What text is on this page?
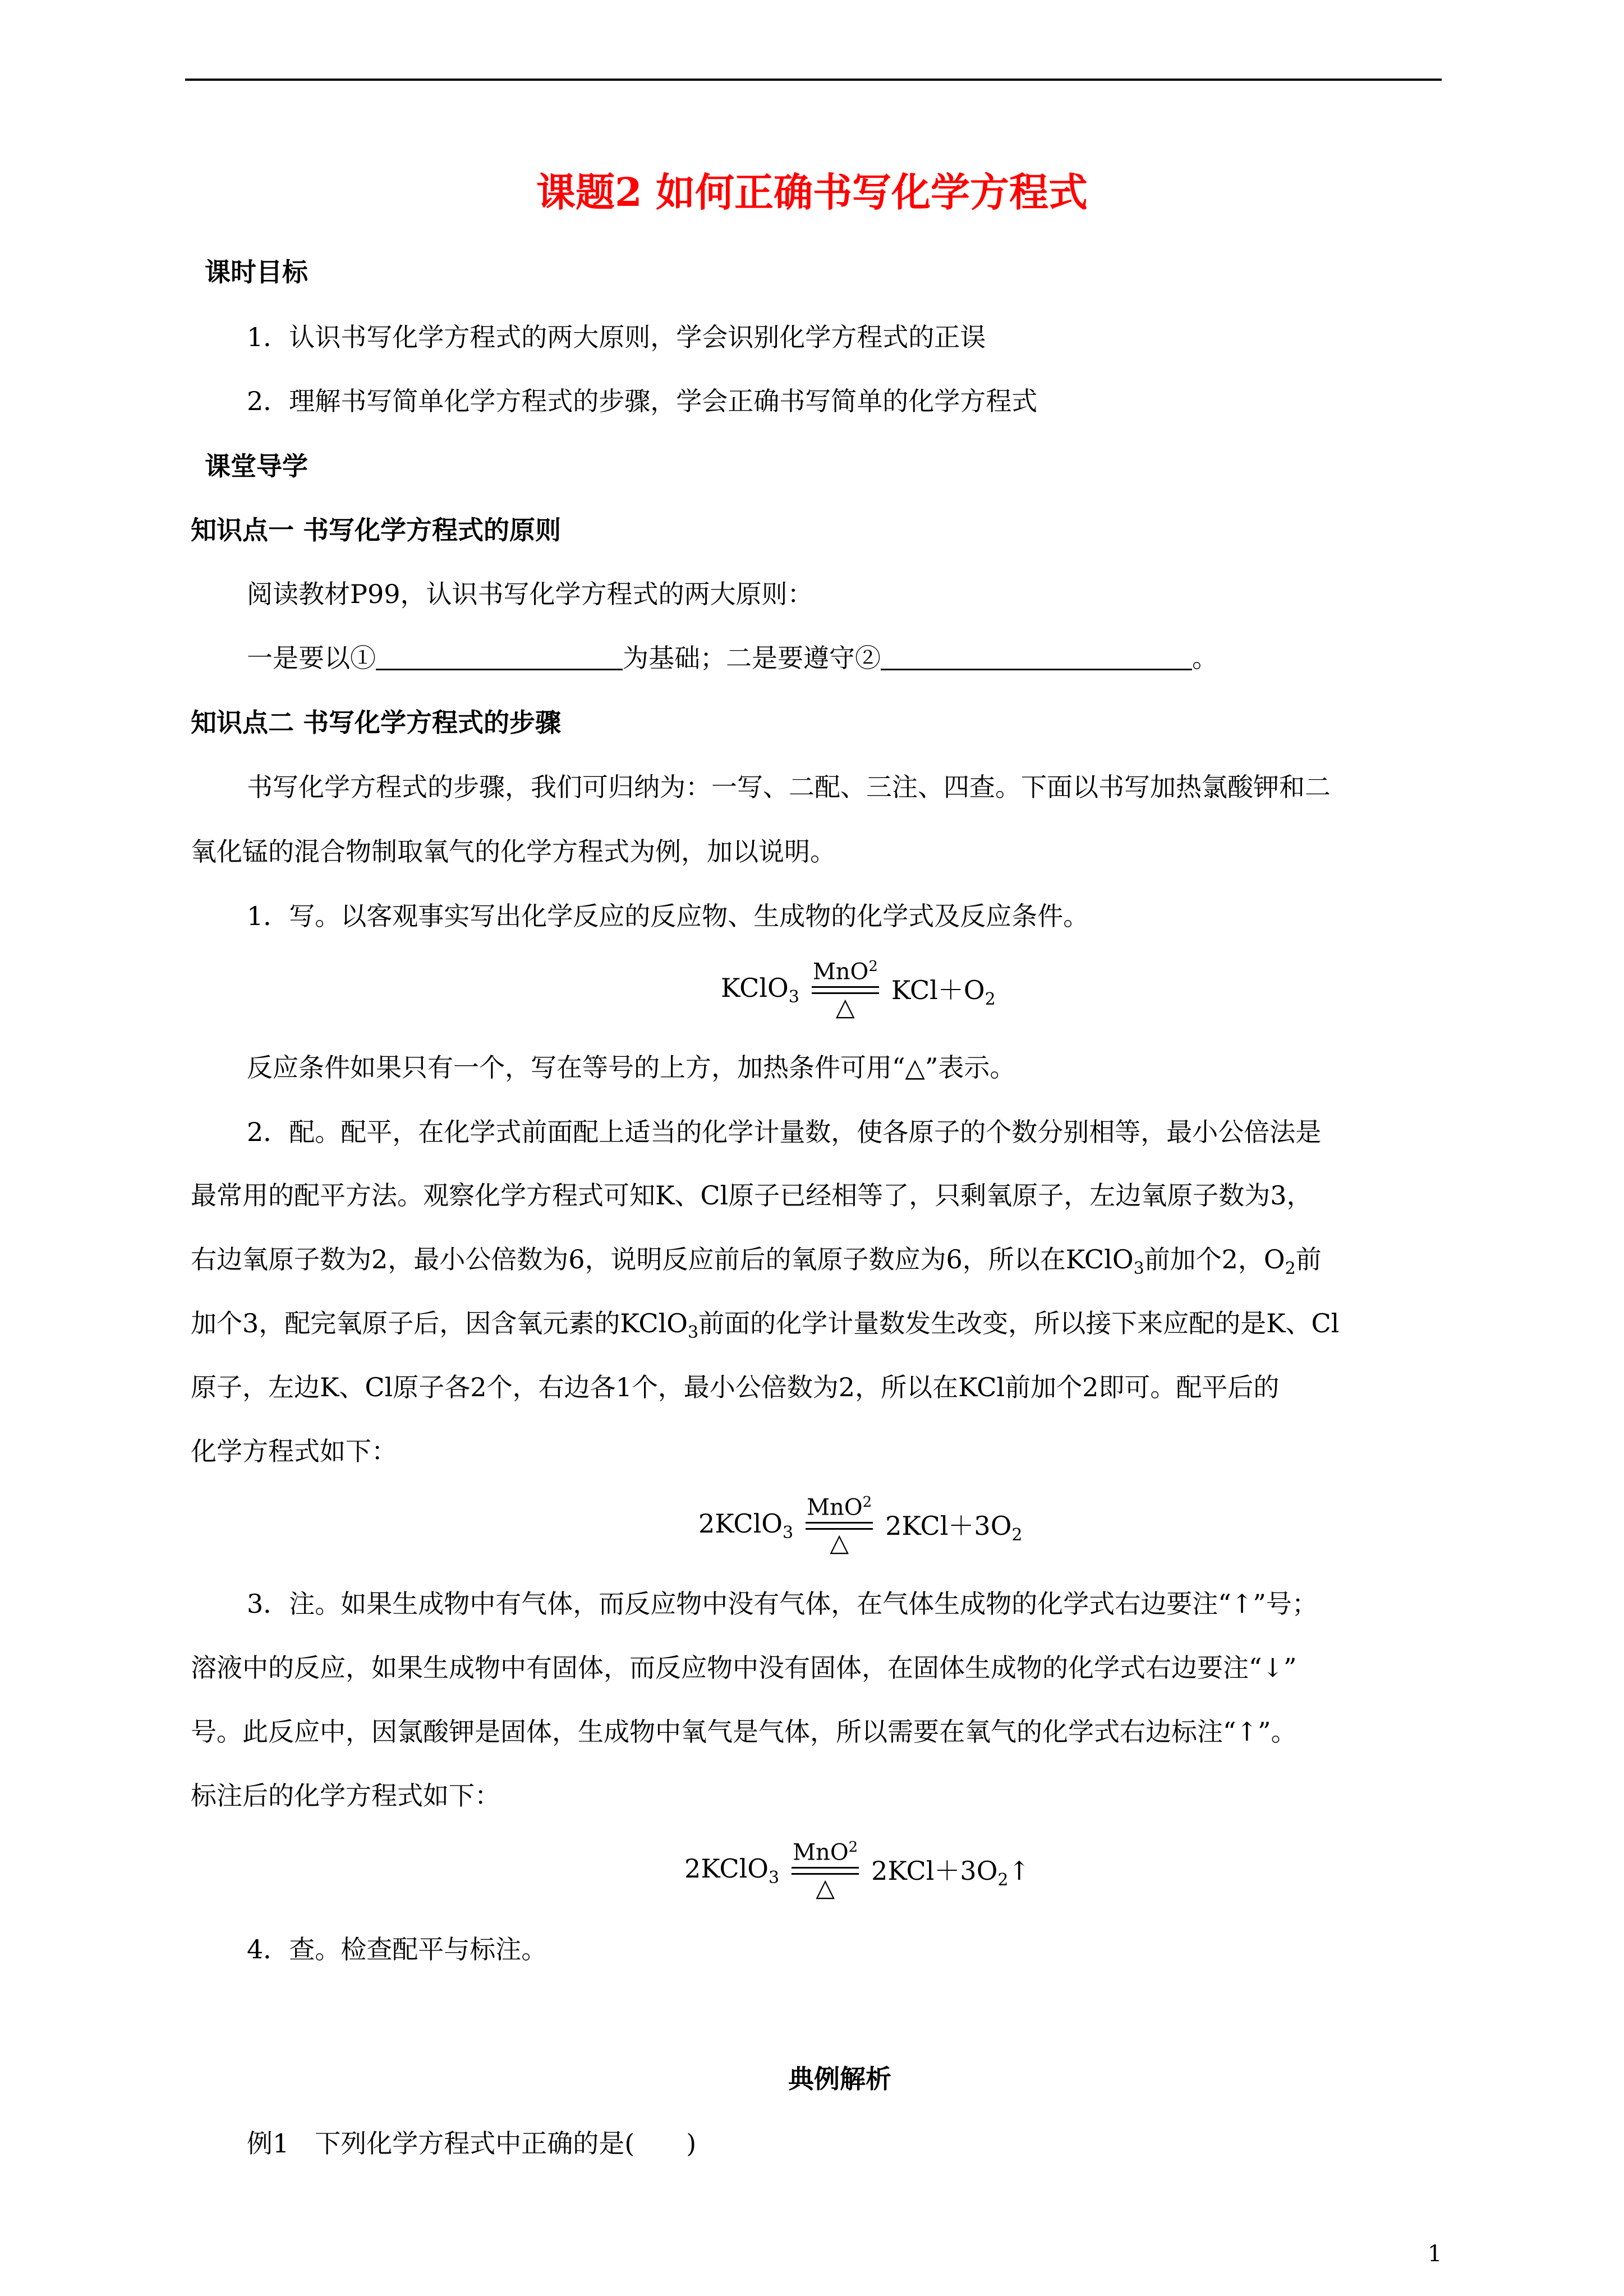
课题2 如何正确书写化学方程式
课时目标
1．认识书写化学方程式的两大原则，学会识别化学方程式的正误
2．理解书写简单化学方程式的步骤，学会正确书写简单的化学方程式
课堂导学
知识点一 书写化学方程式的原则
阅读教材P99，认识书写化学方程式的两大原则：
一是要以①	为基础；二是要遵守②	。
知识点二 书写化学方程式的步骤
书写化学方程式的步骤，我们可归纳为：一写、二配、三注、四查。下面以书写加热氯酸钾和二
氧化锰的混合物制取氧气的化学方程式为例，加以说明。
1．写。以客观事实写出化学反应的反应物、生成物的化学式及反应条件。
KClO$_3$
MnO$^2$
△
$KCl+O_2$
反应条件如果只有一个，写在等号的上方，加热条件可用“△”表示。
2．配。配平，在化学式前面配上适当的化学计量数，使各原子的个数分别相等，最小公倍法是
最常用的配平方法。观察化学方程式可知K、Cl原子已经相等了，只剩氧原子，左边氧原子数为3，
右边氧原子数为2，最小公倍数为6，说明反应前后的氧原子数应为6，所以在KClO$_3$前加个2，$O_2$前
加个3，配完氧原子后，因含氧元素的KClO$_3$前面的化学计量数发生改变，所以接下来应配的是K、Cl
原子，左边K、Cl原子各2个，右边各1个，最小公倍数为2，所以在KCl前加个2即可。配平后的
化学方程式如下：
2KClO$_3$
MnO$^2$
△
$2KCl+3O_2$
3．注。如果生成物中有气体，而反应物中没有气体，在气体生成物的化学式右边要注“↑”号；
溶液中的反应，如果生成物中有固体，而反应物中没有固体，在固体生成物的化学式右边要注“↓”
号。此反应中，因氯酸钾是固体，生成物中氧气是气体，所以需要在氧气的化学式右边标注“↑”。
标注后的化学方程式如下：
2KClO$_3$
MnO$^2$
△
$2KCl+3O_2↑$
4．查。检查配平与标注。
典例解析
例1　下列化学方程式中正确的是(　　)
1
